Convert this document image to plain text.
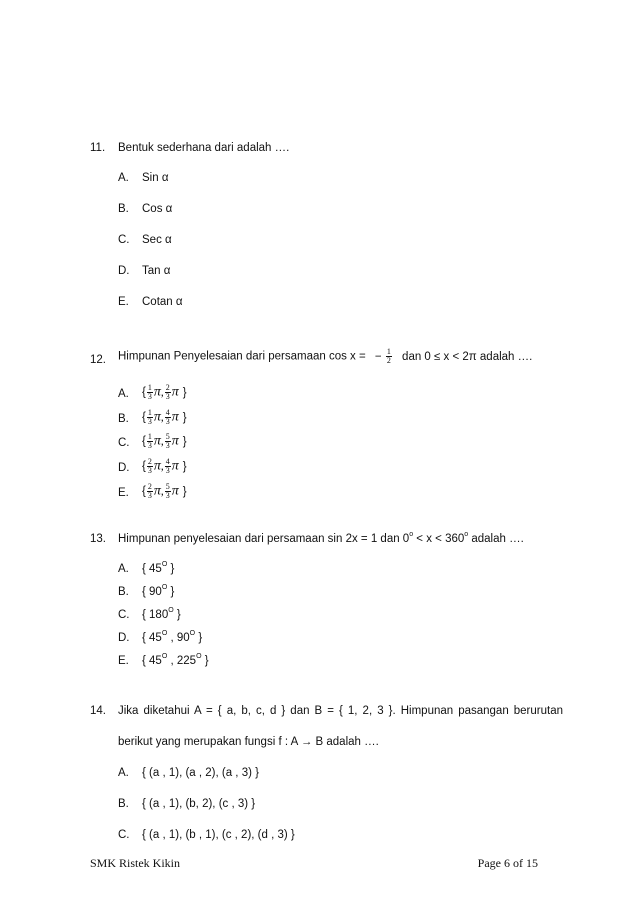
11. Bentuk sederhana dari adalah ….
A. Sin α
B. Cos α
C. Sec α
D. Tan α
E. Cotan α
12. Himpunan Penyelesaian dari persamaan cos x = − $\frac{1}{2}$ dan 0 ≤ x < 2π adalah ….
A. { $\frac{1}{3} \pi$, $\frac{2}{3}$ π }
B. { $\frac{1}{3} \pi$, $\frac{4}{3}$ π }
C. { $\frac{1}{3} \pi$, $\frac{5}{3}$ π }
D. { $\frac{2}{3} \pi$, $\frac{4}{3}$ π }
E. { $\frac{2}{3} \pi$, $\frac{5}{3}$ π }
13. Himpunan penyelesaian dari persamaan sin 2x = 1 dan $0^o < x < 360^o$ adalah ….
A. { $45^O$ }
B. { $90^O$ }
C. { $180^O$ }
D. { $45^O$ , $90^O$ }
E. { $45^O$ , $225^O$ }
14. Jika diketahui A = { a, b, c, d } dan B = { 1, 2, 3 }. Himpunan pasangan berurutan
berikut yang merupakan fungsi f : A → B adalah ….
A. { (a , 1), (a , 2), (a , 3) }
B. { (a , 1), (b, 2), (c , 3) }
C. { (a , 1), (b , 1), (c , 2), (d , 3) }
SMK Ristek Kikin	Page 6 of 15
